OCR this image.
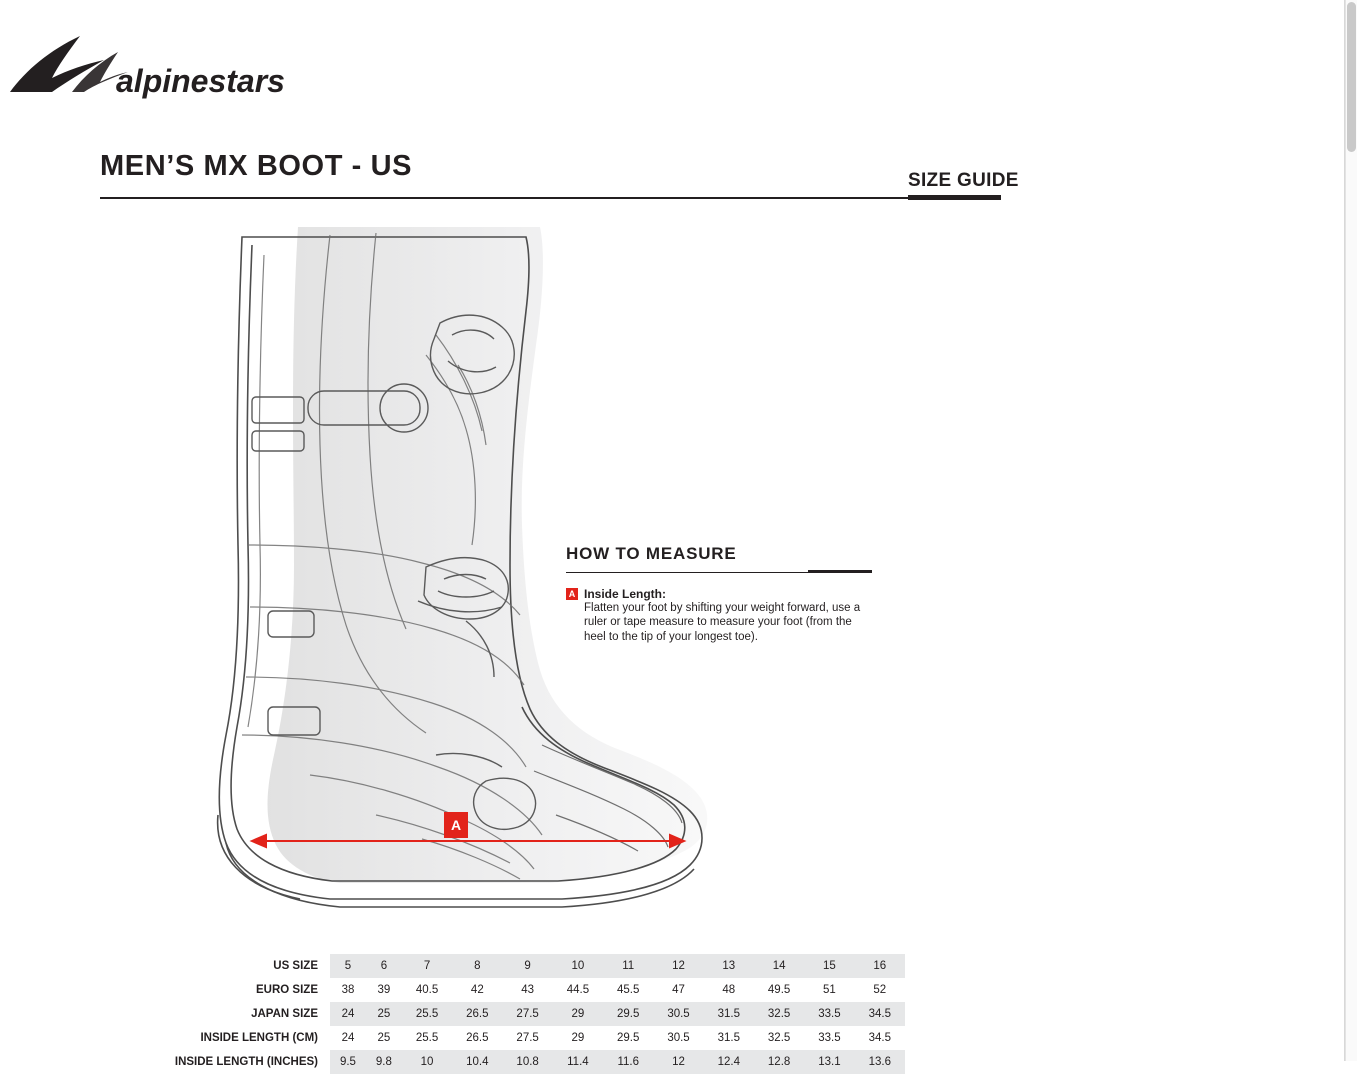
alpinestars
MEN’S MX BOOT - US	SIZE GUIDE
A
HOW TO MEASURE
A Inside Length:
Flatten your foot by shifting your weight forward, use a ruler or tape measure to measure your foot (from the heel to the tip of your longest toe).
US SIZE	5	6	7	8	9	10	11	12	13	14	15	16
EURO SIZE	38	39	40.5	42	43	44.5	45.5	47	48	49.5	51	52
JAPAN SIZE	24	25	25.5	26.5	27.5	29	29.5	30.5	31.5	32.5	33.5	34.5
INSIDE LENGTH (CM)	24	25	25.5	26.5	27.5	29	29.5	30.5	31.5	32.5	33.5	34.5
INSIDE LENGTH (INCHES)	9.5	9.8	10	10.4	10.8	11.4	11.6	12	12.4	12.8	13.1	13.6
